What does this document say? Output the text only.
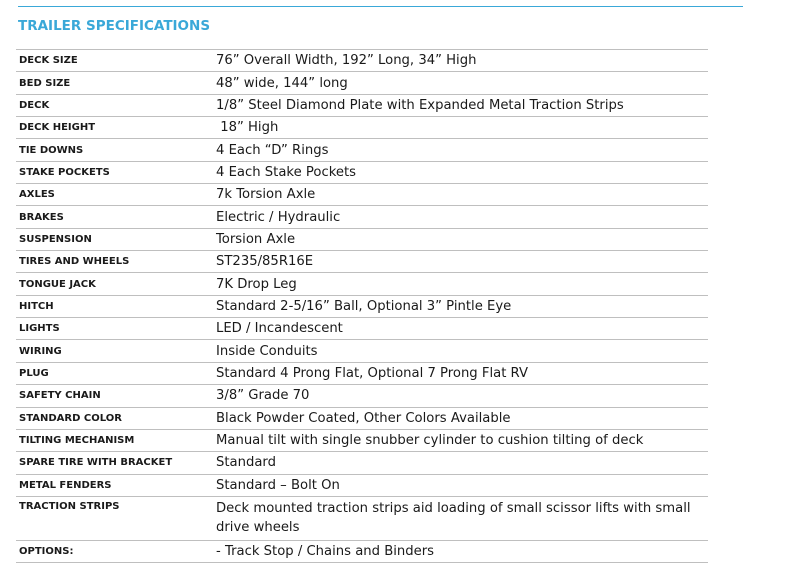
TRAILER SPECIFICATIONS
DECK SIZE	76” Overall Width, 192” Long, 34” High
BED SIZE	48” wide, 144” long
DECK	1/8” Steel Diamond Plate with Expanded Metal Traction Strips
DECK HEIGHT	18” High
TIE DOWNS	4 Each “D” Rings
STAKE POCKETS	4 Each Stake Pockets
AXLES	7k Torsion Axle
BRAKES	Electric / Hydraulic
SUSPENSION	Torsion Axle
TIRES AND WHEELS	ST235/85R16E
TONGUE JACK	7K Drop Leg
HITCH	Standard 2-5/16” Ball, Optional 3” Pintle Eye
LIGHTS	LED / Incandescent
WIRING	Inside Conduits
PLUG	Standard 4 Prong Flat, Optional 7 Prong Flat RV
SAFETY CHAIN	3/8” Grade 70
STANDARD COLOR	Black Powder Coated, Other Colors Available
TILTING MECHANISM	Manual tilt with single snubber cylinder to cushion tilting of deck
SPARE TIRE WITH BRACKET	Standard
METAL FENDERS	Standard – Bolt On
TRACTION STRIPS	Deck mounted traction strips aid loading of small scissor lifts with small drive wheels
OPTIONS:	- Track Stop / Chains and Binders
